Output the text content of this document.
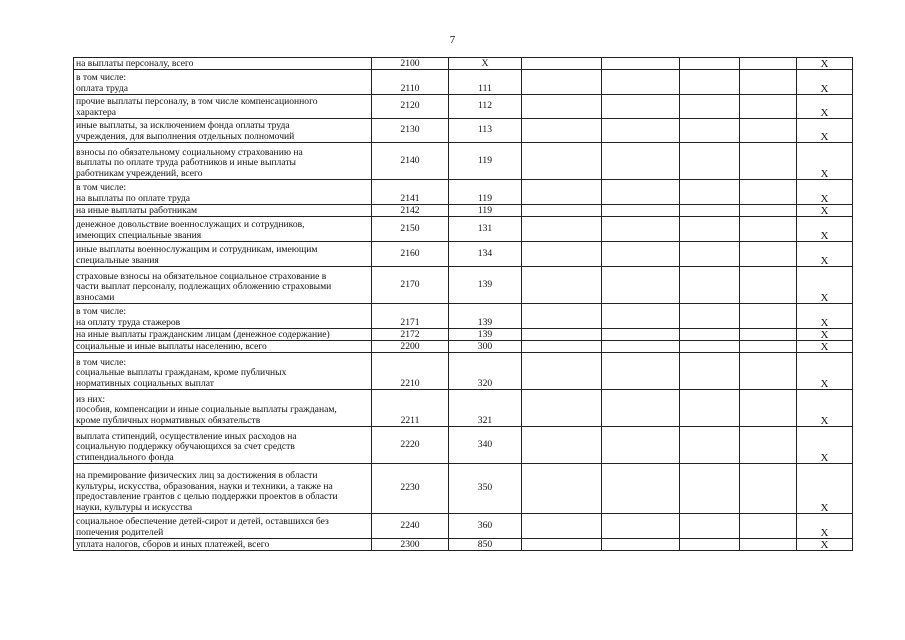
7
на выплаты персоналу, всего	2100	X					X
в том числе:
оплата труда	2110	111					X
прочие выплаты персоналу, в том числе компенсационного
характера	2120	112					X
иные выплаты, за исключением фонда оплаты труда
учреждения, для выполнения отдельных полномочий	2130	113					X
взносы по обязательному социальному страхованию на
выплаты по оплате труда работников и иные выплаты
работникам учреждений, всего	2140	119					X
в том числе:
на выплаты по оплате труда	2141	119					X
на иные выплаты работникам	2142	119					X
денежное довольствие военнослужащих и сотрудников,
имеющих специальные звания	2150	131					X
иные выплаты военнослужащим и сотрудникам, имеющим
специальные звания	2160	134					X
страховые взносы на обязательное социальное страхование в
части выплат персоналу, подлежащих обложению страховыми
взносами	2170	139					X
в том числе:
на оплату труда стажеров	2171	139					X
на иные выплаты гражданским лицам (денежное содержание)	2172	139					X
социальные и иные выплаты населению, всего	2200	300					X
в том числе:
социальные выплаты гражданам, кроме публичных
нормативных социальных выплат	2210	320					X
из них:
пособия, компенсации и иные социальные выплаты гражданам,
кроме публичных нормативных обязательств	2211	321					X
выплата стипендий, осуществление иных расходов на
социальную поддержку обучающихся за счет средств
стипендиального фонда	2220	340					X
на премирование физических лиц за достижения в области
культуры, искусства, образования, науки и техники, а также на
предоставление грантов с целью поддержки проектов в области
науки, культуры и искусства	2230	350					X
социальное обеспечение детей-сирот и детей, оставшихся без
попечения родителей	2240	360					X
уплата налогов, сборов и иных платежей, всего	2300	850					X
